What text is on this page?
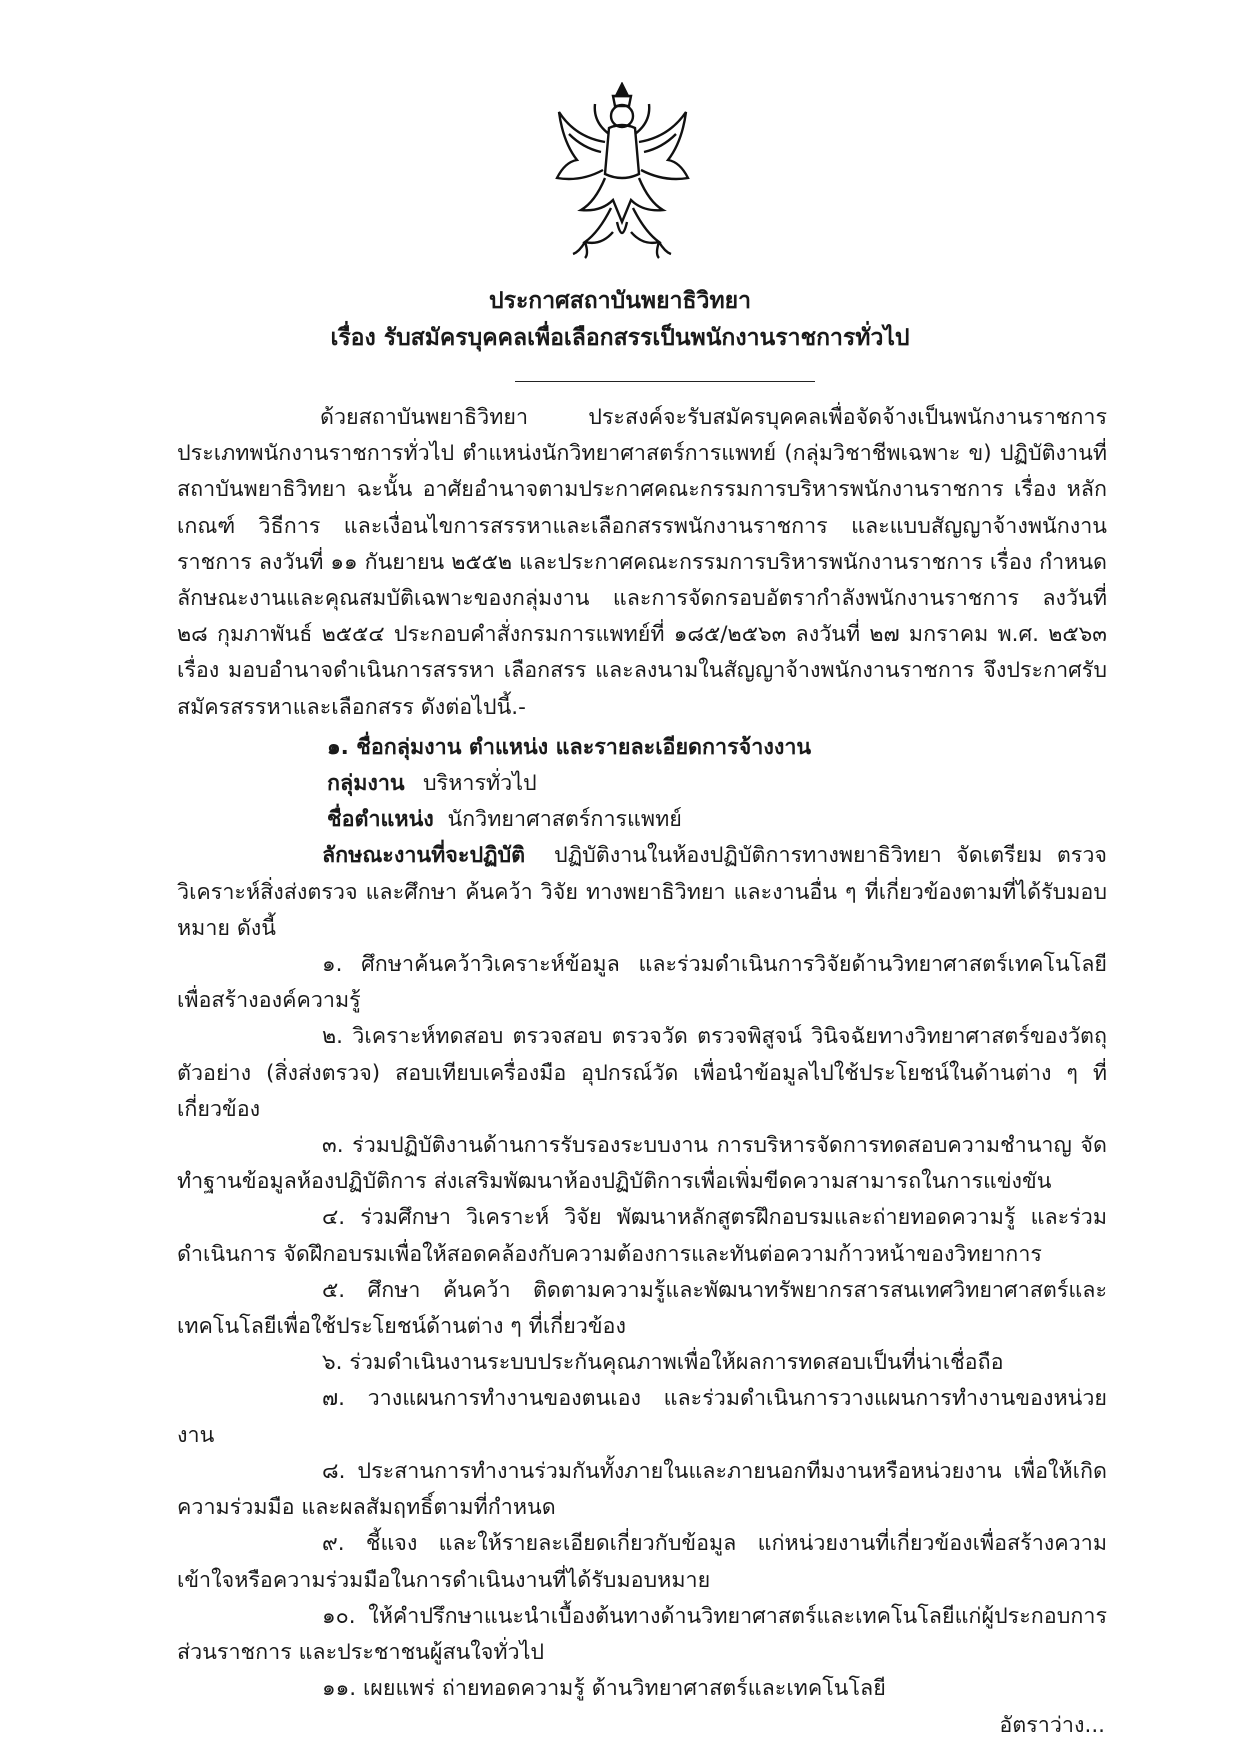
ประกาศสถาบันพยาธิวิทยา
เรื่อง รับสมัครบุคคลเพื่อเลือกสรรเป็นพนักงานราชการทั่วไป

ด้วยสถาบันพยาธิวิทยา ประสงค์จะรับสมัครบุคคลเพื่อจัดจ้างเป็นพนักงานราชการ ประเภทพนักงานราชการทั่วไป ตำแหน่งนักวิทยาศาสตร์การแพทย์ (กลุ่มวิชาชีพเฉพาะ ข) ปฏิบัติงานที่ สถาบันพยาธิวิทยา ฉะนั้น อาศัยอำนาจตามประกาศคณะกรรมการบริหารพนักงานราชการ เรื่อง หลักเกณฑ์ วิธีการ และเงื่อนไขการสรรหาและเลือกสรรพนักงานราชการ และแบบสัญญาจ้างพนักงานราชการ ลงวันที่ ๑๑ กันยายน ๒๕๕๒ และประกาศคณะกรรมการบริหารพนักงานราชการ เรื่อง กำหนดลักษณะงานและคุณสมบัติเฉพาะของกลุ่มงาน และการจัดกรอบอัตรากำลังพนักงานราชการ ลงวันที่ ๒๘ กุมภาพันธ์ ๒๕๕๔ ประกอบคำสั่งกรมการแพทย์ที่ ๑๘๕/๒๕๖๓ ลงวันที่ ๒๗ มกราคม พ.ศ. ๒๕๖๓ เรื่อง มอบอำนาจดำเนินการสรรหา เลือกสรร และลงนามในสัญญาจ้างพนักงานราชการ จึงประกาศรับสมัครสรรหาและเลือกสรร ดังต่อไปนี้.-

๑. ชื่อกลุ่มงาน ตำแหน่ง และรายละเอียดการจ้างงาน

กลุ่มงาน บริหารทั่วไป

ชื่อตำแหน่ง นักวิทยาศาสตร์การแพทย์

ลักษณะงานที่จะปฏิบัติ ปฏิบัติงานในห้องปฏิบัติการทางพยาธิวิทยา จัดเตรียม ตรวจวิเคราะห์สิ่งส่งตรวจ และศึกษา ค้นคว้า วิจัย ทางพยาธิวิทยา และงานอื่น ๆ ที่เกี่ยวข้องตามที่ได้รับมอบหมาย ดังนี้

๑. ศึกษาค้นคว้าวิเคราะห์ข้อมูล และร่วมดำเนินการวิจัยด้านวิทยาศาสตร์เทคโนโลยีเพื่อสร้างองค์ความรู้

๒. วิเคราะห์ทดสอบ ตรวจสอบ ตรวจวัด ตรวจพิสูจน์ วินิจฉัยทางวิทยาศาสตร์ของวัตถุตัวอย่าง (สิ่งส่งตรวจ) สอบเทียบเครื่องมือ อุปกรณ์วัด เพื่อนำข้อมูลไปใช้ประโยชน์ในด้านต่าง ๆ ที่เกี่ยวข้อง

๓. ร่วมปฏิบัติงานด้านการรับรองระบบงาน การบริหารจัดการทดสอบความชำนาญ จัดทำฐานข้อมูลห้องปฏิบัติการ ส่งเสริมพัฒนาห้องปฏิบัติการเพื่อเพิ่มขีดความสามารถในการแข่งขัน

๔. ร่วมศึกษา วิเคราะห์ วิจัย พัฒนาหลักสูตรฝึกอบรมและถ่ายทอดความรู้ และร่วมดำเนินการ จัดฝึกอบรมเพื่อให้สอดคล้องกับความต้องการและทันต่อความก้าวหน้าของวิทยาการ

๕. ศึกษา ค้นคว้า ติดตามความรู้และพัฒนาทรัพยากรสารสนเทศวิทยาศาสตร์และเทคโนโลยีเพื่อใช้ประโยชน์ด้านต่าง ๆ ที่เกี่ยวข้อง

๖. ร่วมดำเนินงานระบบประกันคุณภาพเพื่อให้ผลการทดสอบเป็นที่น่าเชื่อถือ

๗. วางแผนการทำงานของตนเอง และร่วมดำเนินการวางแผนการทำงานของหน่วยงาน

๘. ประสานการทำงานร่วมกันทั้งภายในและภายนอกทีมงานหรือหน่วยงาน เพื่อให้เกิดความร่วมมือ และผลสัมฤทธิ์ตามที่กำหนด

๙. ชี้แจง และให้รายละเอียดเกี่ยวกับข้อมูล แก่หน่วยงานที่เกี่ยวข้องเพื่อสร้างความเข้าใจหรือความร่วมมือในการดำเนินงานที่ได้รับมอบหมาย

๑๐. ให้คำปรึกษาแนะนำเบื้องต้นทางด้านวิทยาศาสตร์และเทคโนโลยีแก่ผู้ประกอบการส่วนราชการ และประชาชนผู้สนใจทั่วไป

๑๑. เผยแพร่ ถ่ายทอดความรู้ ด้านวิทยาศาสตร์และเทคโนโลยี

อัตราว่าง...
